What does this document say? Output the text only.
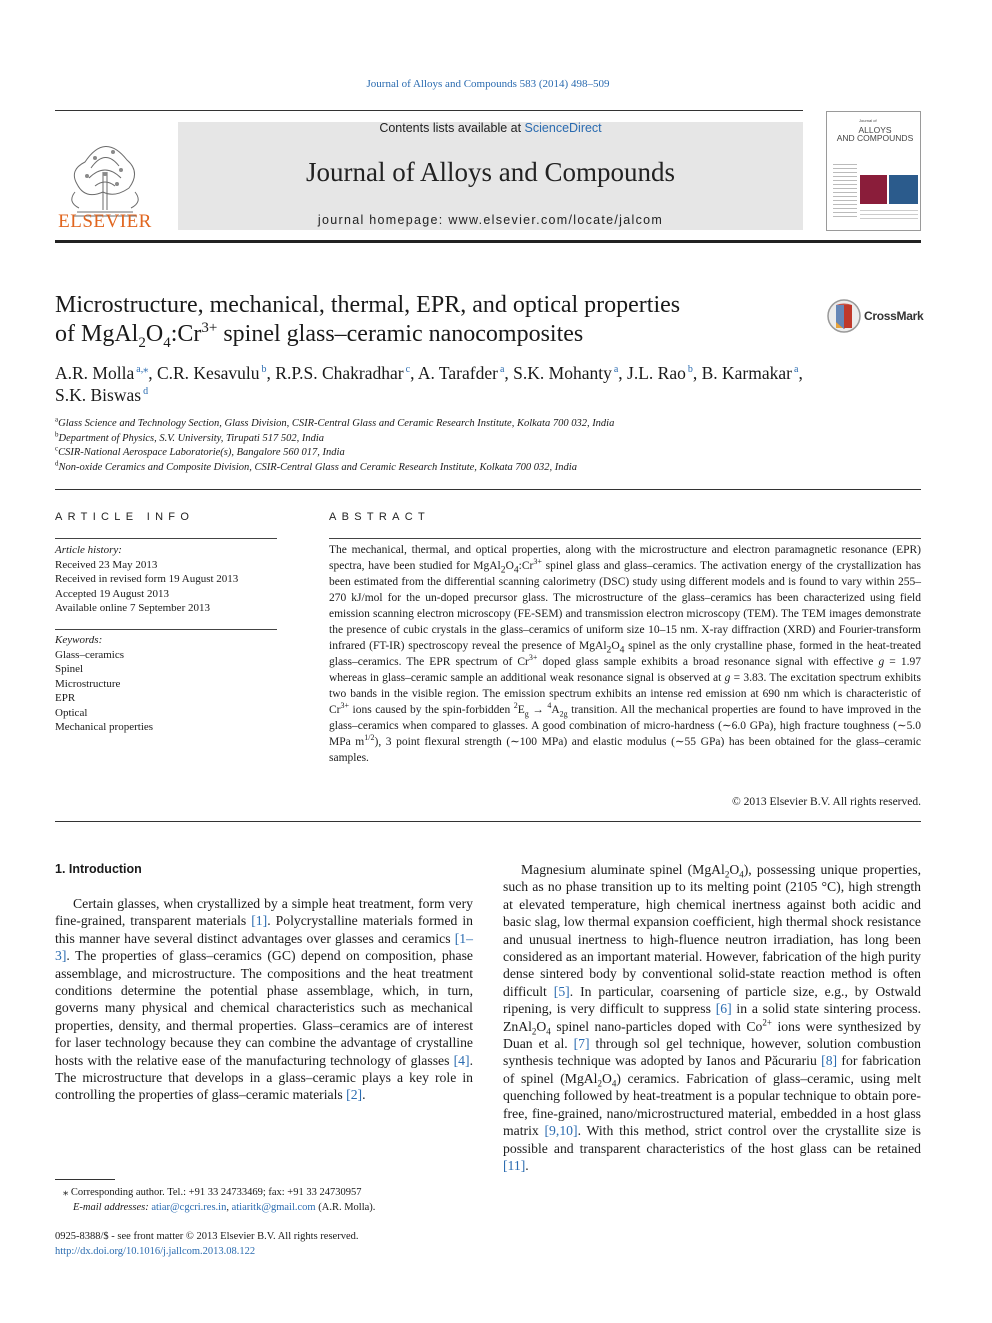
Journal of Alloys and Compounds 583 (2014) 498–509
ELSEVIER
Contents lists available at ScienceDirect
Journal of Alloys and Compounds
journal homepage: www.elsevier.com/locate/jalcom
Journal of
ALLOYS
AND COMPOUNDS
Microstructure, mechanical, thermal, EPR, and optical properties
of $MgAl_2O_4:Cr^{3+}$ spinel glass–ceramic nanocomposites
CrossMark
A.R. Molla $^{a,⁎}$, C.R. Kesavulu $^b$, R.P.S. Chakradhar $^c$, A. Tarafder $^a$, S.K. Mohanty $^a$, J.L. Rao $^b$, B. Karmakar $^a$,
S.K. Biswas $^d$
$^a$Glass Science and Technology Section, Glass Division, CSIR-Central Glass and Ceramic Research Institute, Kolkata 700 032, India
$^b$Department of Physics, S.V. University, Tirupati 517 502, India
$^c$CSIR-National Aerospace Laboratorie(s), Bangalore 560 017, India
$^d$Non-oxide Ceramics and Composite Division, CSIR-Central Glass and Ceramic Research Institute, Kolkata 700 032, India
ARTICLE INFO	ABSTRACT
Article history:
Received 23 May 2013
Received in revised form 19 August 2013
Accepted 19 August 2013
Available online 7 September 2013
Keywords:
Glass–ceramics
Spinel
Microstructure
EPR
Optical
Mechanical properties
The mechanical, thermal, and optical properties, along with the microstructure and electron paramagnetic resonance (EPR) spectra, have been studied for $MgAl_2O_4:Cr^{3+}$ spinel glass and glass–ceramics. The activation energy of the crystallization has been estimated from the differential scanning calorimetry (DSC) study using different models and is found to vary within 255–270 kJ/mol for the un-doped precursor glass. The microstructure of the glass–ceramics has been characterized using field emission scanning electron microscopy (FE-SEM) and transmission electron microscopy (TEM). The TEM images demonstrate the presence of cubic crystals in the glass–ceramics of uniform size 10–15 nm. X-ray diffraction (XRD) and Fourier-transform infrared (FT-IR) spectroscopy reveal the presence of $MgAl_2O_4$ spinel as the only crystalline phase, formed in the heat-treated glass–ceramics. The EPR spectrum of $Cr^{3+}$ doped glass sample exhibits a broad resonance signal with effective g = 1.97 whereas in glass–ceramic sample an additional weak resonance signal is observed at g = 3.83. The excitation spectrum exhibits two bands in the visible region. The emission spectrum exhibits an intense red emission at 690 nm which is characteristic of $Cr^{3+}$ ions caused by the spin-forbidden $^2E_g \to ^4A_{2g}$ transition. All the mechanical properties are found to have improved in the glass–ceramics when compared to glasses. A good combination of micro-hardness (∼6.0 GPa), high fracture toughness (∼5.0 MPa $m^{1/2}$), 3 point flexural strength (∼100 MPa) and elastic modulus (∼55 GPa) has been obtained for the glass–ceramic samples.
© 2013 Elsevier B.V. All rights reserved.
1. Introduction
Certain glasses, when crystallized by a simple heat treatment, form very fine-grained, transparent materials [1]. Polycrystalline materials formed in this manner have several distinct advantages over glasses and ceramics [1–3]. The properties of glass–ceramics (GC) depend on composition, phase assemblage, and microstructure. The compositions and the heat treatment conditions determine the potential phase assemblage, which, in turn, governs many physical and chemical characteristics such as mechanical properties, density, and thermal properties. Glass–ceramics are of interest for laser technology because they can combine the advantage of crystalline hosts with the relative ease of the manufacturing technology of glasses [4]. The microstructure that develops in a glass–ceramic plays a key role in controlling the properties of glass–ceramic materials [2].
Magnesium aluminate spinel $(MgAl_2O_4)$, possessing unique properties, such as no phase transition up to its melting point (2105 °C), high strength at elevated temperature, high chemical inertness against both acidic and basic slag, low thermal expansion coefficient, high thermal shock resistance and unusual inertness to high-fluence neutron irradiation, has long been considered as an important material. However, fabrication of the high purity dense sintered body by conventional solid-state reaction method is often difficult [5]. In particular, coarsening of particle size, e.g., by Ostwald ripening, is very difficult to suppress [6] in a solid state sintering process. $ZnAl_2O_4$ spinel nano-particles doped with $Co^{2+}$ ions were synthesized by Duan et al. [7] through sol gel technique, however, solution combustion synthesis technique was adopted by Ianos and Păcurariu [8] for fabrication of spinel $(MgAl_2O_4)$ ceramics. Fabrication of glass–ceramic, using melt quenching followed by heat-treatment is a popular technique to obtain pore-free, fine-grained, nano/microstructured material, embedded in a host glass matrix [9,10]. With this method, strict control over the crystallite size is possible and transparent characteristics of the host glass can be retained [11].
⁎ Corresponding author. Tel.: +91 33 24733469; fax: +91 33 24730957
E-mail addresses: atiar@cgcri.res.in, atiaritk@gmail.com (A.R. Molla).
0925-8388/$ - see front matter © 2013 Elsevier B.V. All rights reserved.
http://dx.doi.org/10.1016/j.jallcom.2013.08.122
